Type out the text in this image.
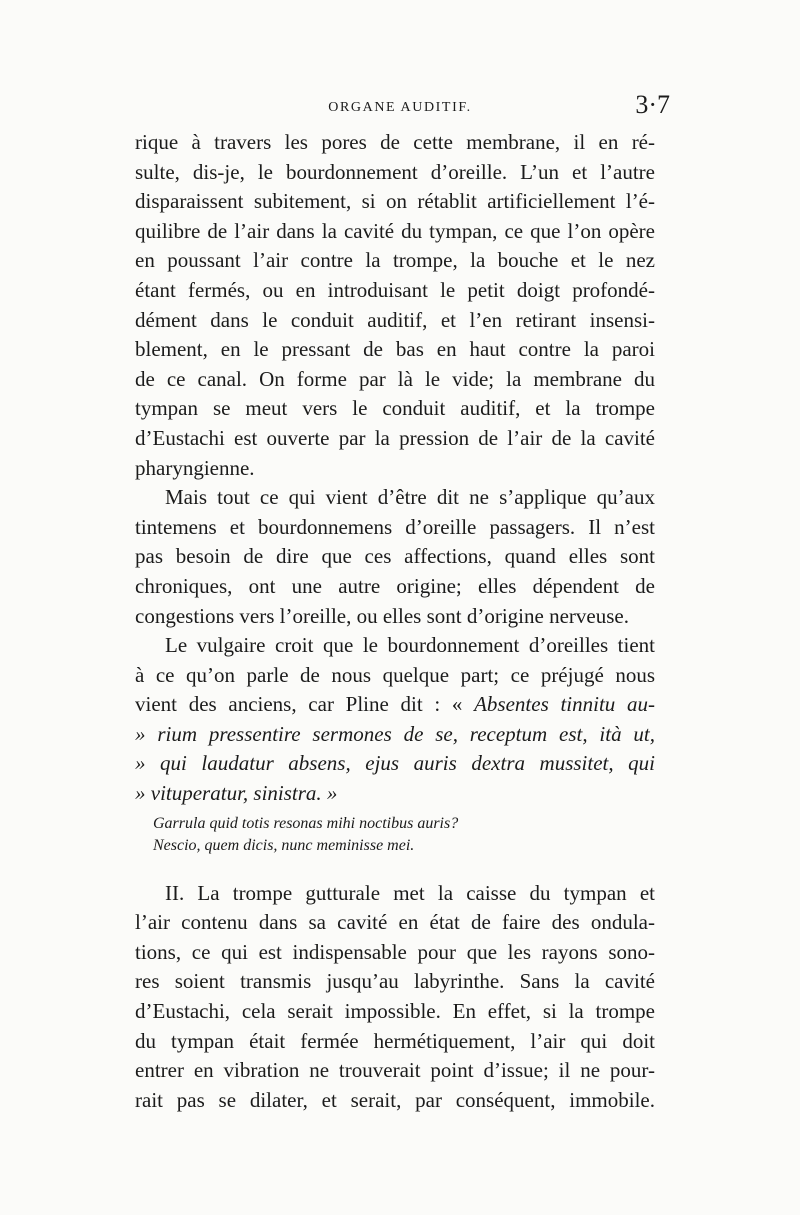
ORGANE AUDITIF.	3·7
rique à travers les pores de cette membrane, il en ré-
sulte, dis-je, le bourdonnement d’oreille. L’un et l’autre
disparaissent subitement, si on rétablit artificiellement l’é-
quilibre de l’air dans la cavité du tympan, ce que l’on opère
en poussant l’air contre la trompe, la bouche et le nez
étant fermés, ou en introduisant le petit doigt profondé-
dément dans le conduit auditif, et l’en retirant insensi-
blement, en le pressant de bas en haut contre la paroi
de ce canal. On forme par là le vide; la membrane du
tympan se meut vers le conduit auditif, et la trompe
d’Eustachi est ouverte par la pression de l’air de la cavité
pharyngienne.
Mais tout ce qui vient d’être dit ne s’applique qu’aux
tintemens et bourdonnemens d’oreille passagers. Il n’est
pas besoin de dire que ces affections, quand elles sont
chroniques, ont une autre origine; elles dépendent de
congestions vers l’oreille, ou elles sont d’origine nerveuse.
Le vulgaire croit que le bourdonnement d’oreilles tient
à ce qu’on parle de nous quelque part; ce préjugé nous
vient des anciens, car Pline dit : « Absentes tinnitu au-
» rium pressentire sermones de se, receptum est, ità ut,
» qui laudatur absens, ejus auris dextra mussitet, qui
» vituperatur, sinistra. »
Garrula quid totis resonas mihi noctibus auris?
Nescio, quem dicis, nunc meminisse mei.
II. La trompe gutturale met la caisse du tympan et
l’air contenu dans sa cavité en état de faire des ondula-
tions, ce qui est indispensable pour que les rayons sono-
res soient transmis jusqu’au labyrinthe. Sans la cavité
d’Eustachi, cela serait impossible. En effet, si la trompe
du tympan était fermée hermétiquement, l’air qui doit
entrer en vibration ne trouverait point d’issue; il ne pour-
rait pas se dilater, et serait, par conséquent, immobile.
